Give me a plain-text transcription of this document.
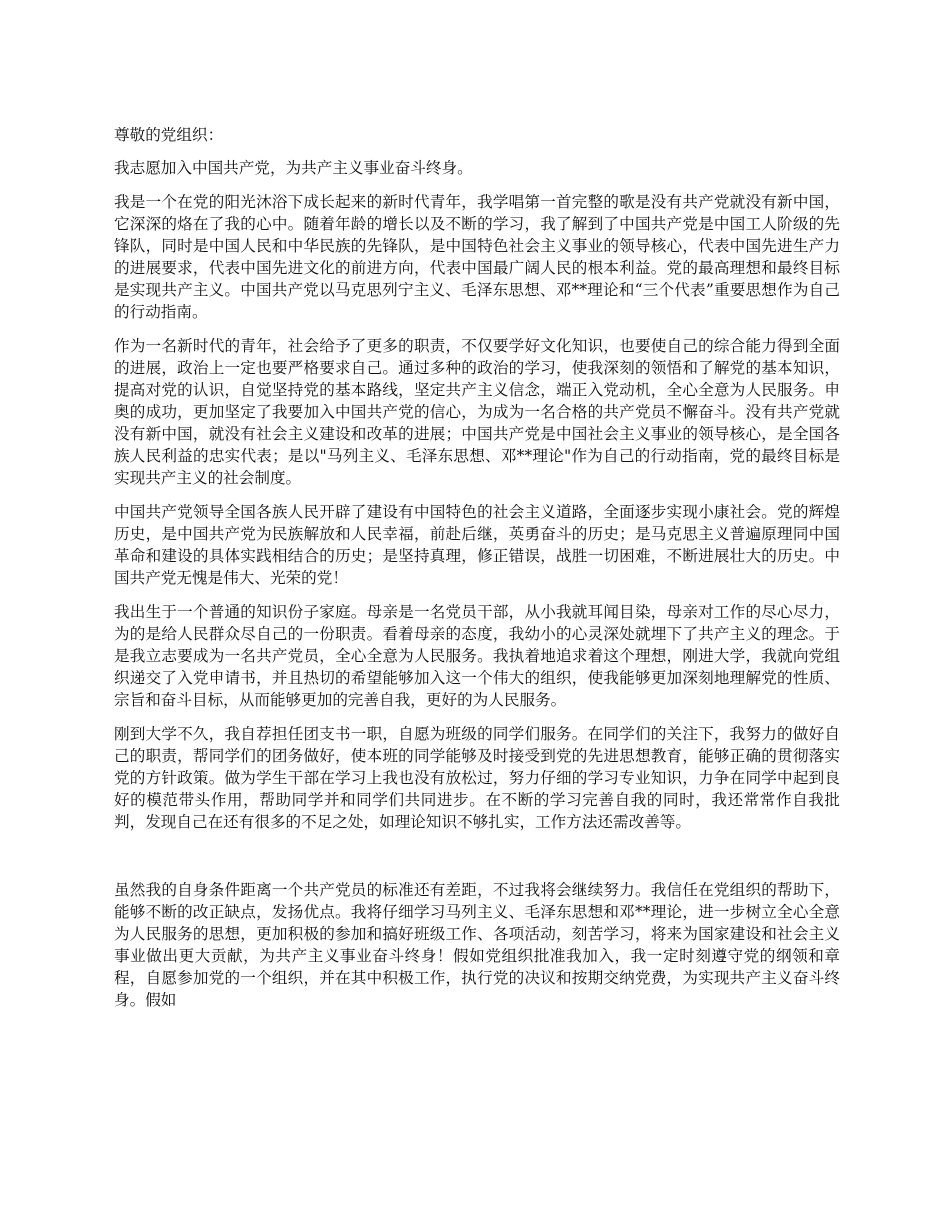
尊敬的党组织：

我志愿加入中国共产党，为共产主义事业奋斗终身。

我是一个在党的阳光沐浴下成长起来的新时代青年，我学唱第一首完整的歌是没有共产党就没有新中国，它深深的烙在了我的心中。随着年龄的增长以及不断的学习，我了解到了中国共产党是中国工人阶级的先锋队，同时是中国人民和中华民族的先锋队，是中国特色社会主义事业的领导核心，代表中国先进生产力的进展要求，代表中国先进文化的前进方向，代表中国最广阔人民的根本利益。党的最高理想和最终目标是实现共产主义。中国共产党以马克思列宁主义、毛泽东思想、邓**理论和“三个代表”重要思想作为自己的行动指南。

作为一名新时代的青年，社会给予了更多的职责，不仅要学好文化知识，也要使自己的综合能力得到全面的进展，政治上一定也要严格要求自己。通过多种的政治的学习，使我深刻的领悟和了解党的基本知识，提高对党的认识，自觉坚持党的基本路线，坚定共产主义信念，端正入党动机，全心全意为人民服务。申奥的成功，更加坚定了我要加入中国共产党的信心，为成为一名合格的共产党员不懈奋斗。没有共产党就没有新中国，就没有社会主义建设和改革的进展；中国共产党是中国社会主义事业的领导核心，是全国各族人民利益的忠实代表；是以"马列主义、毛泽东思想、邓**理论"作为自己的行动指南，党的最终目标是实现共产主义的社会制度。

中国共产党领导全国各族人民开辟了建设有中国特色的社会主义道路，全面逐步实现小康社会。党的辉煌历史，是中国共产党为民族解放和人民幸福，前赴后继，英勇奋斗的历史；是马克思主义普遍原理同中国革命和建设的具体实践相结合的历史；是坚持真理，修正错误，战胜一切困难，不断进展壮大的历史。中国共产党无愧是伟大、光荣的党！

我出生于一个普通的知识份子家庭。母亲是一名党员干部，从小我就耳闻目染，母亲对工作的尽心尽力，为的是给人民群众尽自己的一份职责。看着母亲的态度，我幼小的心灵深处就埋下了共产主义的理念。于是我立志要成为一名共产党员，全心全意为人民服务。我执着地追求着这个理想，刚进大学，我就向党组织递交了入党申请书，并且热切的希望能够加入这一个伟大的组织，使我能够更加深刻地理解党的性质、宗旨和奋斗目标，从而能够更加的完善自我，更好的为人民服务。

刚到大学不久，我自荐担任团支书一职，自愿为班级的同学们服务。在同学们的关注下，我努力的做好自己的职责，帮同学们的团务做好，使本班的同学能够及时接受到党的先进思想教育，能够正确的贯彻落实党的方针政策。做为学生干部在学习上我也没有放松过，努力仔细的学习专业知识，力争在同学中起到良好的模范带头作用，帮助同学并和同学们共同进步。在不断的学习完善自我的同时，我还常常作自我批判，发现自己在还有很多的不足之处，如理论知识不够扎实，工作方法还需改善等。

虽然我的自身条件距离一个共产党员的标准还有差距，不过我将会继续努力。我信任在党组织的帮助下，能够不断的改正缺点，发扬优点。我将仔细学习马列主义、毛泽东思想和邓**理论，进一步树立全心全意为人民服务的思想，更加积极的参加和搞好班级工作、各项活动，刻苦学习，将来为国家建设和社会主义事业做出更大贡献，为共产主义事业奋斗终身！假如党组织批准我加入，我一定时刻遵守党的纲领和章程，自愿参加党的一个组织，并在其中积极工作，执行党的决议和按期交纳党费，为实现共产主义奋斗终身。假如
